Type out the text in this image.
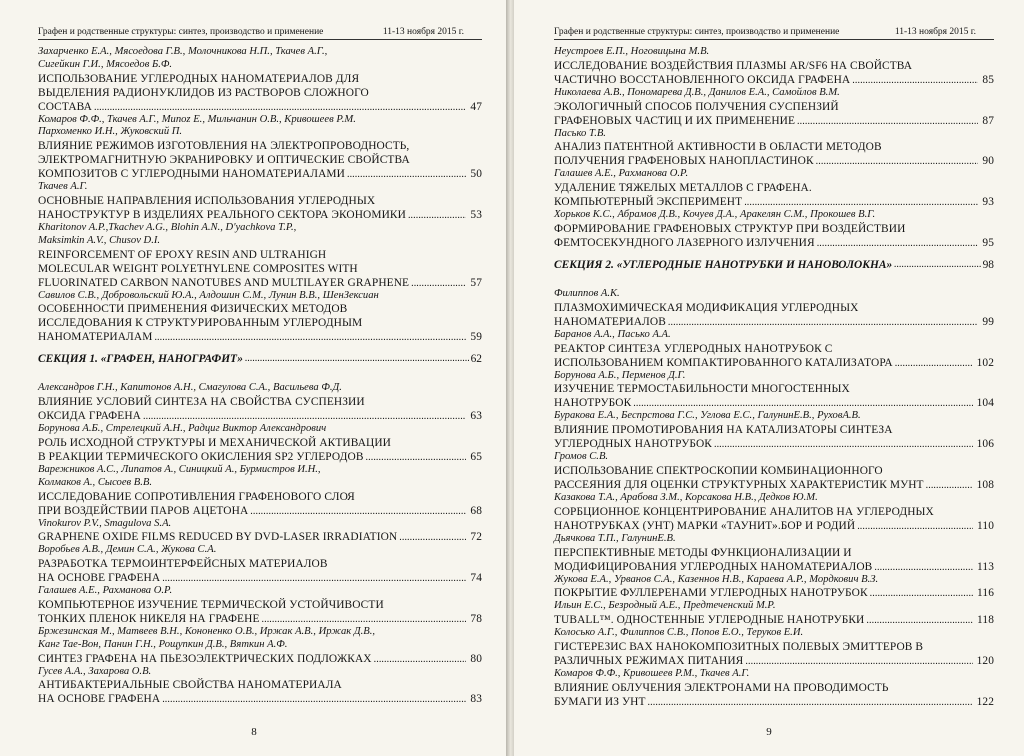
Графен и родственные структуры: синтез, производство и применение	11-13 ноября 2015 г.
Захарченко Е.А., Мясоедова Г.В., Молочникова Н.П., Ткачев А.Г.,
Сигейкин Г.И., Мясоедов Б.Ф.
ИСПОЛЬЗОВАНИЕ УГЛЕРОДНЫХ НАНОМАТЕРИАЛОВ ДЛЯ
ВЫДЕЛЕНИЯ РАДИОНУКЛИДОВ ИЗ РАСТВОРОВ СЛОЖНОГО
СОСТАВА .....	47
Комаров Ф.Ф., Ткачев А.Г., Munoz E., Мильчанин О.В., Кривошеев Р.М.
Пархоменко И.Н., Жуковский П.
ВЛИЯНИЕ РЕЖИМОВ ИЗГОТОВЛЕНИЯ НА ЭЛЕКТРОПРОВОДНОСТЬ,
ЭЛЕКТРОМАГНИТНУЮ ЭКРАНИРОВКУ И ОПТИЧЕСКИЕ СВОЙСТВА
КОМПОЗИТОВ С УГЛЕРОДНЫМИ НАНОМАТЕРИАЛАМИ .....	50
Ткачев А.Г.
ОСНОВНЫЕ НАПРАВЛЕНИЯ ИСПОЛЬЗОВАНИЯ УГЛЕРОДНЫХ
НАНОСТРУКТУР В ИЗДЕЛИЯХ РЕАЛЬНОГО СЕКТОРА ЭКОНОМИКИ .....	53
Kharitonov A.P.,Tkachev A.G., Blohin A.N., D'yachkova T.P.,
Maksimkin A.V., Chusov D.I.
REINFORCEMENT OF EPOXY RESIN AND ULTRAHIGH
MOLECULAR WEIGHT POLYETHYLENE COMPOSITES WITH
FLUORINATED CARBON NANOTUBES AND MULTILAYER GRAPHENE .....	57
Савилов С.В., Добровольский Ю.А., Алдошин С.М., Лунин В.В., ШенЗексиан
ОСОБЕННОСТИ ПРИМЕНЕНИЯ ФИЗИЧЕСКИХ МЕТОДОВ
ИССЛЕДОВАНИЯ К СТРУКТУРИРОВАННЫМ УГЛЕРОДНЫМ
НАНОМАТЕРИАЛАМ .....	59
СЕКЦИЯ 1. «ГРАФЕН, НАНОГРАФИТ» .....	62
Александров Г.Н., Капитонов А.Н., Смагулова С.А., Васильева Ф.Д.
ВЛИЯНИЕ УСЛОВИЙ СИНТЕЗА НА СВОЙСТВА СУСПЕНЗИИ
ОКСИДА ГРАФЕНА .....	63
Борунова А.Б., Стрелецкий А.Н., Радциг Виктор Александрович
РОЛЬ ИСХОДНОЙ СТРУКТУРЫ И МЕХАНИЧЕСКОЙ АКТИВАЦИИ
В РЕАКЦИИ ТЕРМИЧЕСКОГО ОКИСЛЕНИЯ SP2 УГЛЕРОДОВ .....	65
Варежников А.С., Липатов А., Синицкий А., Бурмистров И.Н.,
Колмаков А., Сысоев В.В.
ИССЛЕДОВАНИЕ СОПРОТИВЛЕНИЯ ГРАФЕНОВОГО СЛОЯ
ПРИ ВОЗДЕЙСТВИИ ПАРОВ АЦЕТОНА .....	68
Vinokurov P.V., Smagulova S.A.
GRAPHENE OXIDE FILMS REDUCED BY DVD-LASER IRRADIATION .....	72
Воробьев А.В., Демин С.А., Жукова С.А.
РАЗРАБОТКА ТЕРМОИНТЕРФЕЙСНЫХ МАТЕРИАЛОВ
НА ОСНОВЕ ГРАФЕНА .....	74
Галашев А.Е., Рахманова О.Р.
КОМПЬЮТЕРНОЕ ИЗУЧЕНИЕ ТЕРМИЧЕСКОЙ УСТОЙЧИВОСТИ
ТОНКИХ ПЛЕНОК НИКЕЛЯ НА ГРАФЕНЕ .....	78
Бржезинская М., Матвеев В.Н., Кононенко О.В., Иржак А.В., Иржак Д.В.,
Канг Тае-Вон, Панин Г.Н., Рощупкин Д.В., Вяткин А.Ф.
СИНТЕЗ ГРАФЕНА НА ПЬЕЗОЭЛЕКТРИЧЕСКИХ ПОДЛОЖКАХ .....	80
Гусев А.А., Захарова О.В.
АНТИБАКТЕРИАЛЬНЫЕ СВОЙСТВА НАНОМАТЕРИАЛА
НА ОСНОВЕ ГРАФЕНА .....	83
8
Графен и родственные структуры: синтез, производство и применение	11-13 ноября 2015 г.
Неустроев Е.П., Ноговицына М.В.
ИССЛЕДОВАНИЕ ВОЗДЕЙСТВИЯ ПЛАЗМЫ AR/SF6 НА СВОЙСТВА
ЧАСТИЧНО ВОССТАНОВЛЕННОГО ОКСИДА ГРАФЕНА .....	85
Николаева А.В., Пономарева Д.В., Данилов Е.А., Самойлов В.М.
ЭКОЛОГИЧНЫЙ СПОСОБ ПОЛУЧЕНИЯ СУСПЕНЗИЙ
ГРАФЕНОВЫХ ЧАСТИЦ И ИХ ПРИМЕНЕНИЕ .....	87
Пасько Т.В.
АНАЛИЗ ПАТЕНТНОЙ АКТИВНОСТИ В ОБЛАСТИ МЕТОДОВ
ПОЛУЧЕНИЯ ГРАФЕНОВЫХ НАНОПЛАСТИНОК .....	90
Галашев А.Е., Рахманова О.Р.
УДАЛЕНИЕ ТЯЖЕЛЫХ МЕТАЛЛОВ С ГРАФЕНА.
КОМПЬЮТЕРНЫЙ ЭКСПЕРИМЕНТ .....	93
Хорьков К.С., Абрамов Д.В., Кочуев Д.А., Аракелян С.М., Прокошев В.Г.
ФОРМИРОВАНИЕ ГРАФЕНОВЫХ СТРУКТУР ПРИ ВОЗДЕЙСТВИИ
ФЕМТОСЕКУНДНОГО ЛАЗЕРНОГО ИЗЛУЧЕНИЯ .....	95
СЕКЦИЯ 2. «УГЛЕРОДНЫЕ НАНОТРУБКИ И НАНОВОЛОКНА» .....	98
Филиппов А.К.
ПЛАЗМОХИМИЧЕСКАЯ МОДИФИКАЦИЯ УГЛЕРОДНЫХ
НАНОМАТЕРИАЛОВ .....	99
Баранов А.А., Пасько А.А.
РЕАКТОР СИНТЕЗА УГЛЕРОДНЫХ НАНОТРУБОК С
ИСПОЛЬЗОВАНИЕМ КОМПАКТИРОВАННОГО КАТАЛИЗАТОРА .....	102
Борунова А.Б., Перменов Д.Г.
ИЗУЧЕНИЕ ТЕРМОСТАБИЛЬНОСТИ МНОГОСТЕННЫХ
НАНОТРУБОК .....	104
Буракова Е.А., Беспрстова Г.С., Углова Е.С., ГалунинЕ.В., РуховА.В.
ВЛИЯНИЕ ПРОМОТИРОВАНИЯ НА КАТАЛИЗАТОРЫ СИНТЕЗА
УГЛЕРОДНЫХ НАНОТРУБОК .....	106
Громов С.В.
ИСПОЛЬЗОВАНИЕ СПЕКТРОСКОПИИ КОМБИНАЦИОННОГО
РАССЕЯНИЯ ДЛЯ ОЦЕНКИ СТРУКТУРНЫХ ХАРАКТЕРИСТИК МУНТ .....	108
Казакова Т.А., Арабова З.М., Корсакова Н.В., Дедков Ю.М.
СОРБЦИОННОЕ КОНЦЕНТРИРОВАНИЕ АНАЛИТОВ НА УГЛЕРОДНЫХ
НАНОТРУБКАХ (УНТ) МАРКИ «ТАУНИТ».БОР И РОДИЙ .....	110
Дьячкова Т.П., ГалунинЕ.В.
ПЕРСПЕКТИВНЫЕ МЕТОДЫ ФУНКЦИОНАЛИЗАЦИИ И
МОДИФИЦИРОВАНИЯ УГЛЕРОДНЫХ НАНОМАТЕРИАЛОВ .....	113
Жукова Е.А., Урванов С.А., Казеннов Н.В., Караева А.Р., Мордкович В.З.
ПОКРЫТИЕ ФУЛЛЕРЕНАМИ УГЛЕРОДНЫХ НАНОТРУБОК .....	116
Ильин Е.С., Безродный А.Е., Предтеченский М.Р.
TUBALL™. ОДНОСТЕННЫЕ УГЛЕРОДНЫЕ НАНОТРУБКИ .....	118
Колосько А.Г., Филиппов С.В., Попов Е.О., Теруков Е.И.
ГИСТЕРЕЗИС ВАХ НАНОКОМПОЗИТНЫХ ПОЛЕВЫХ ЭМИТТЕРОВ В
РАЗЛИЧНЫХ РЕЖИМАХ ПИТАНИЯ .....	120
Комаров Ф.Ф., Кривошеев Р.М., Ткачев А.Г.
ВЛИЯНИЕ ОБЛУЧЕНИЯ ЭЛЕКТРОНАМИ НА ПРОВОДИМОСТЬ
БУМАГИ ИЗ УНТ .....	122
9
